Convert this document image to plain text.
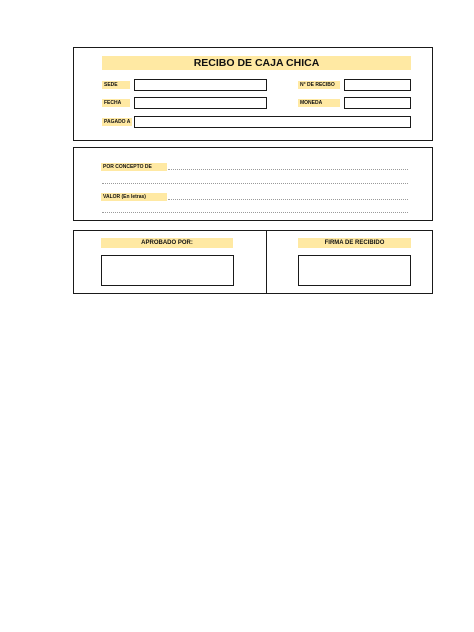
RECIBO DE CAJA CHICA
SEDE	N° DE RECIBO
FECHA	MONEDA
PAGADO A
POR CONCEPTO DE
VALOR (En letras)
APROBADO POR:	FIRMA DE RECIBIDO
